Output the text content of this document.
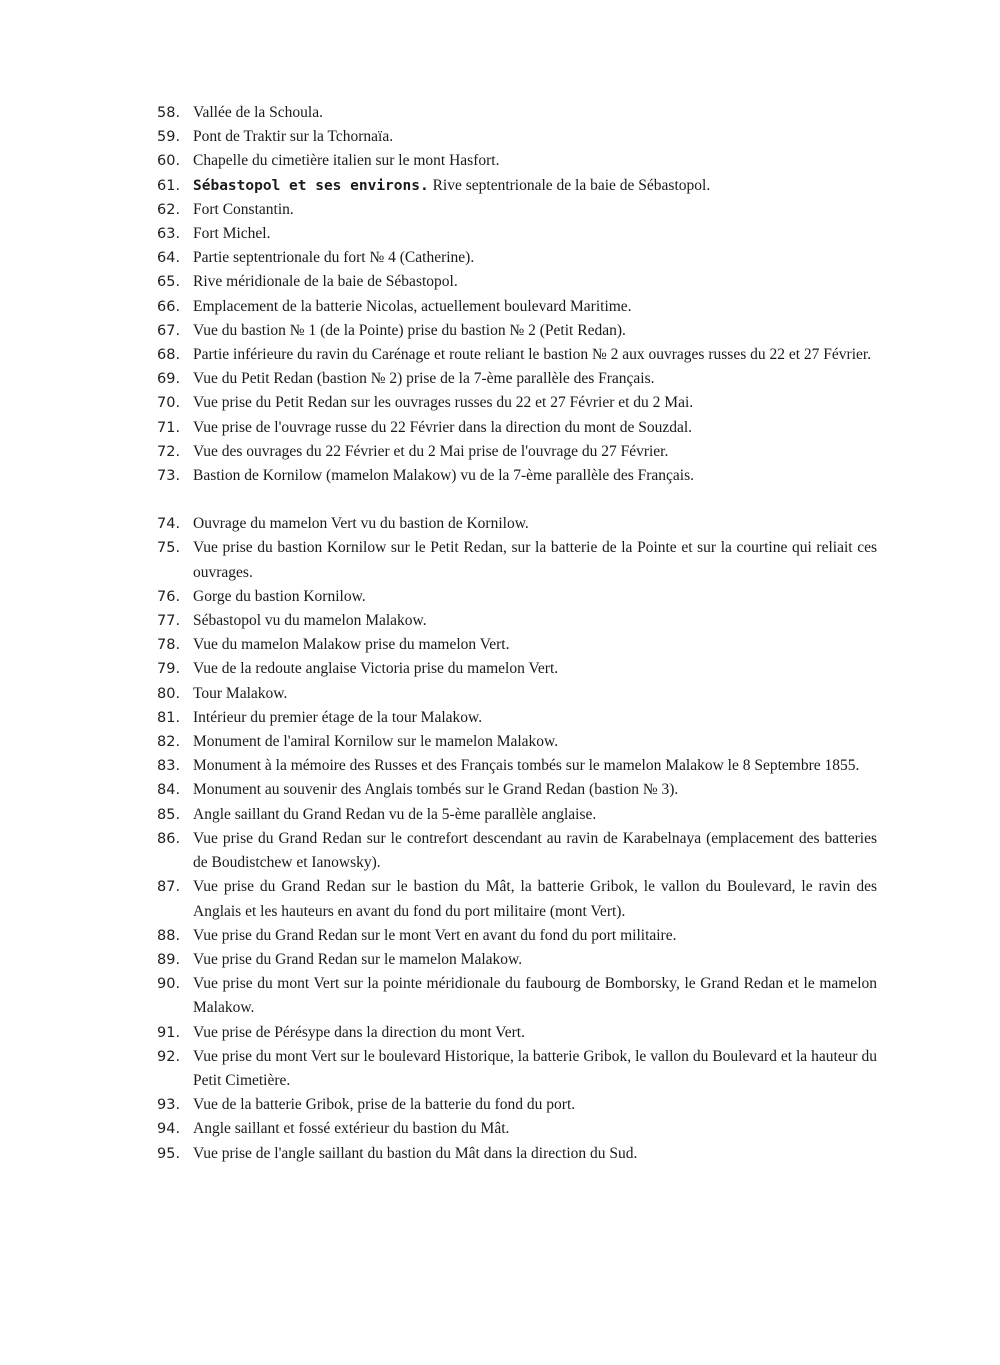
58. Vallée de la Schoula.
59. Pont de Traktir sur la Tchornaïa.
60. Chapelle du cimetière italien sur le mont Hasfort.
61. Sébastopol et ses environs. Rive septentrionale de la baie de Sébastopol.
62. Fort Constantin.
63. Fort Michel.
64. Partie septentrionale du fort № 4 (Catherine).
65. Rive méridionale de la baie de Sébastopol.
66. Emplacement de la batterie Nicolas, actuellement boulevard Maritime.
67. Vue du bastion № 1 (de la Pointe) prise du bastion № 2 (Petit Redan).
68. Partie inférieure du ravin du Carénage et route reliant le bastion № 2 aux ouvrages russes du 22 et 27 Février.
69. Vue du Petit Redan (bastion № 2) prise de la 7-ème parallèle des Français.
70. Vue prise du Petit Redan sur les ouvrages russes du 22 et 27 Février et du 2 Mai.
71. Vue prise de l'ouvrage russe du 22 Février dans la direction du mont de Souzdal.
72. Vue des ouvrages du 22 Février et du 2 Mai prise de l'ouvrage du 27 Février.
73. Bastion de Kornilow (mamelon Malakow) vu de la 7-ème parallèle des Français.
74. Ouvrage du mamelon Vert vu du bastion de Kornilow.
75. Vue prise du bastion Kornilow sur le Petit Redan, sur la batterie de la Pointe et sur la courtine qui reliait ces ouvrages.
76. Gorge du bastion Kornilow.
77. Sébastopol vu du mamelon Malakow.
78. Vue du mamelon Malakow prise du mamelon Vert.
79. Vue de la redoute anglaise Victoria prise du mamelon Vert.
80. Tour Malakow.
81. Intérieur du premier étage de la tour Malakow.
82. Monument de l'amiral Kornilow sur le mamelon Malakow.
83. Monument à la mémoire des Russes et des Français tombés sur le mamelon Malakow le 8 Septembre 1855.
84. Monument au souvenir des Anglais tombés sur le Grand Redan (bastion № 3).
85. Angle saillant du Grand Redan vu de la 5-ème parallèle anglaise.
86. Vue prise du Grand Redan sur le contrefort descendant au ravin de Karabelnaya (emplacement des batteries de Boudistchew et Ianowsky).
87. Vue prise du Grand Redan sur le bastion du Mât, la batterie Gribok, le vallon du Boulevard, le ravin des Anglais et les hauteurs en avant du fond du port militaire (mont Vert).
88. Vue prise du Grand Redan sur le mont Vert en avant du fond du port militaire.
89. Vue prise du Grand Redan sur le mamelon Malakow.
90. Vue prise du mont Vert sur la pointe méridionale du faubourg de Bomborsky, le Grand Redan et le mamelon Malakow.
91. Vue prise de Pérésype dans la direction du mont Vert.
92. Vue prise du mont Vert sur le boulevard Historique, la batterie Gribok, le vallon du Boulevard et la hauteur du Petit Cimetière.
93. Vue de la batterie Gribok, prise de la batterie du fond du port.
94. Angle saillant et fossé extérieur du bastion du Mât.
95. Vue prise de l'angle saillant du bastion du Mât dans la direction du Sud.
